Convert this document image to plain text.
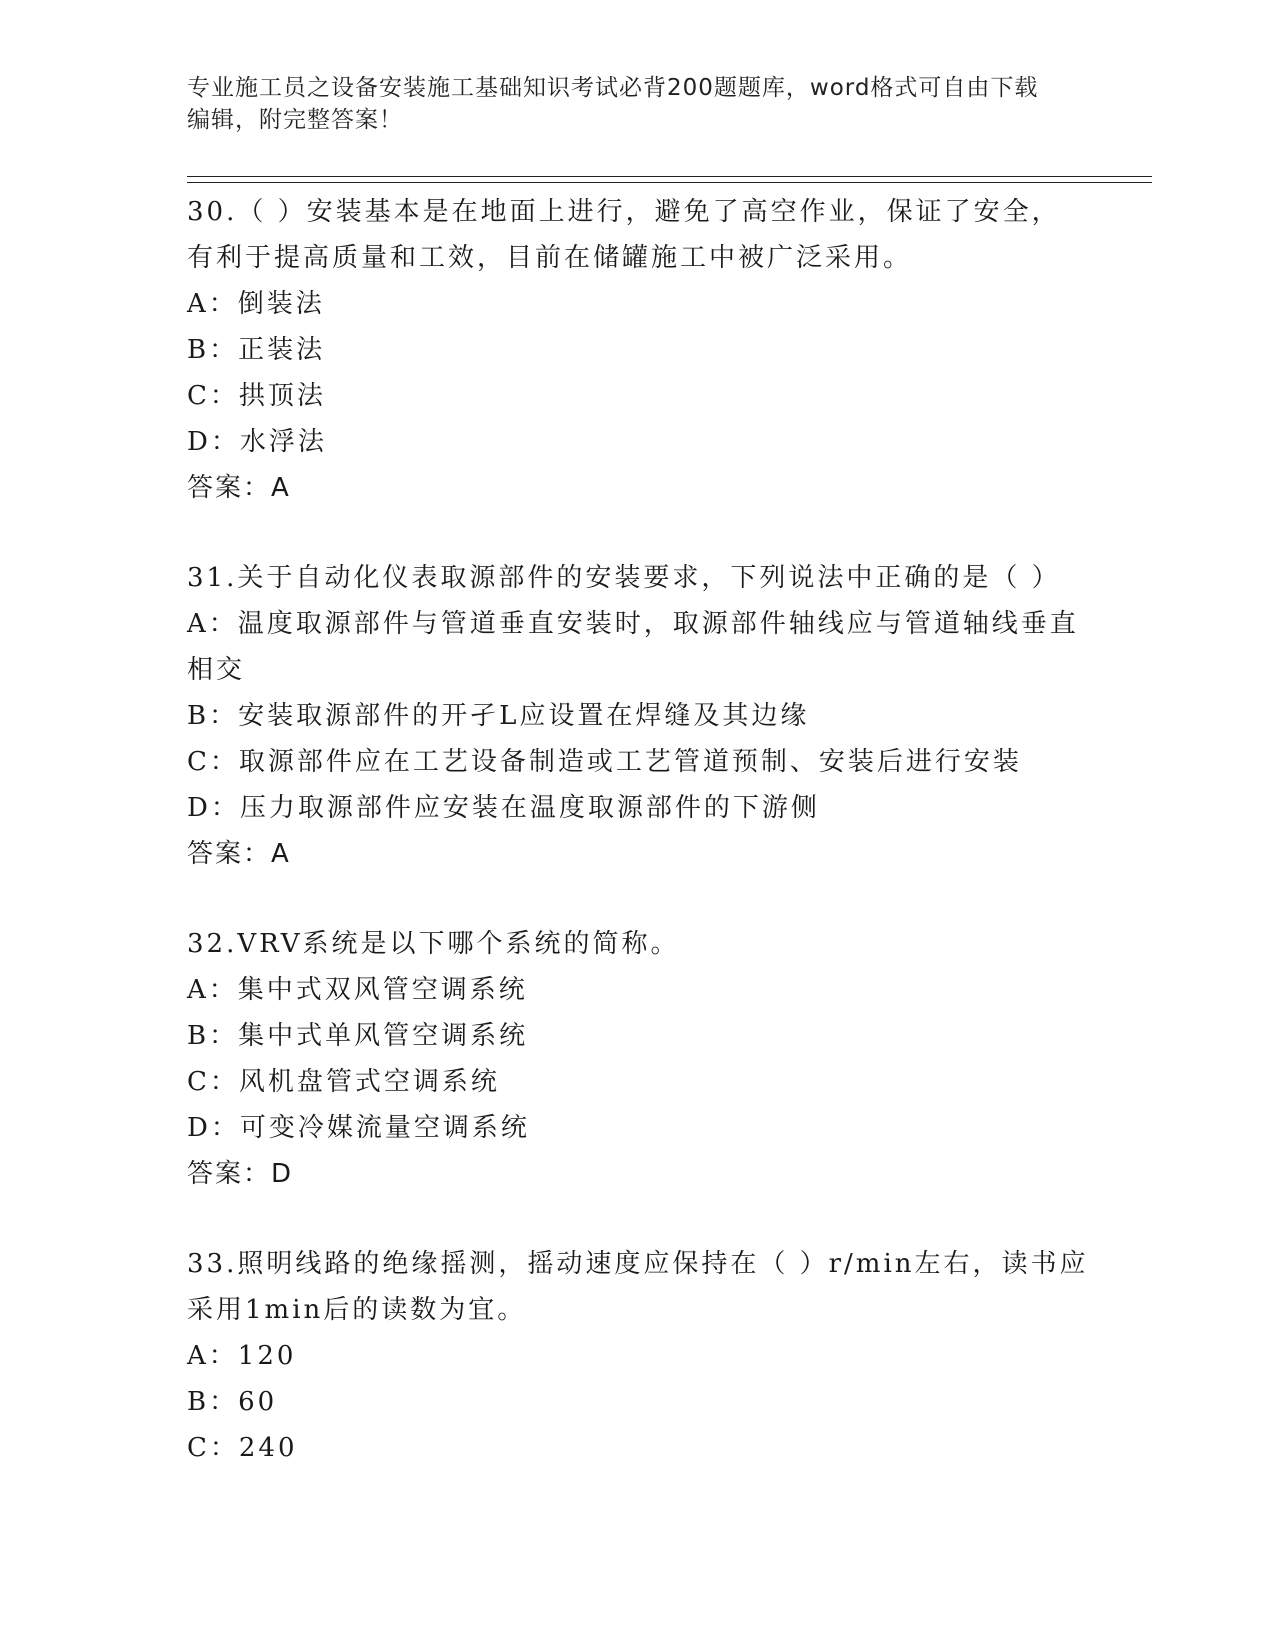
专业施工员之设备安装施工基础知识考试必背200题题库，word格式可自由下载
编辑，附完整答案！
30.（ ）安装基本是在地面上进行，避免了高空作业，保证了安全，
有利于提高质量和工效，目前在储罐施工中被广泛采用。
A：倒装法
B：正装法
C：拱顶法
D：水浮法
答案：A
31.关于自动化仪表取源部件的安装要求，下列说法中正确的是（ ）
A：温度取源部件与管道垂直安装时，取源部件轴线应与管道轴线垂直
相交
B：安装取源部件的开孑L应设置在焊缝及其边缘
C：取源部件应在工艺设备制造或工艺管道预制、安装后进行安装
D：压力取源部件应安装在温度取源部件的下游侧
答案：A
32.VRV系统是以下哪个系统的简称。
A：集中式双风管空调系统
B：集中式单风管空调系统
C：风机盘管式空调系统
D：可变冷媒流量空调系统
答案：D
33.照明线路的绝缘摇测，摇动速度应保持在（ ）r/min左右，读书应
采用1min后的读数为宜。
A：120
B：60
C：240
